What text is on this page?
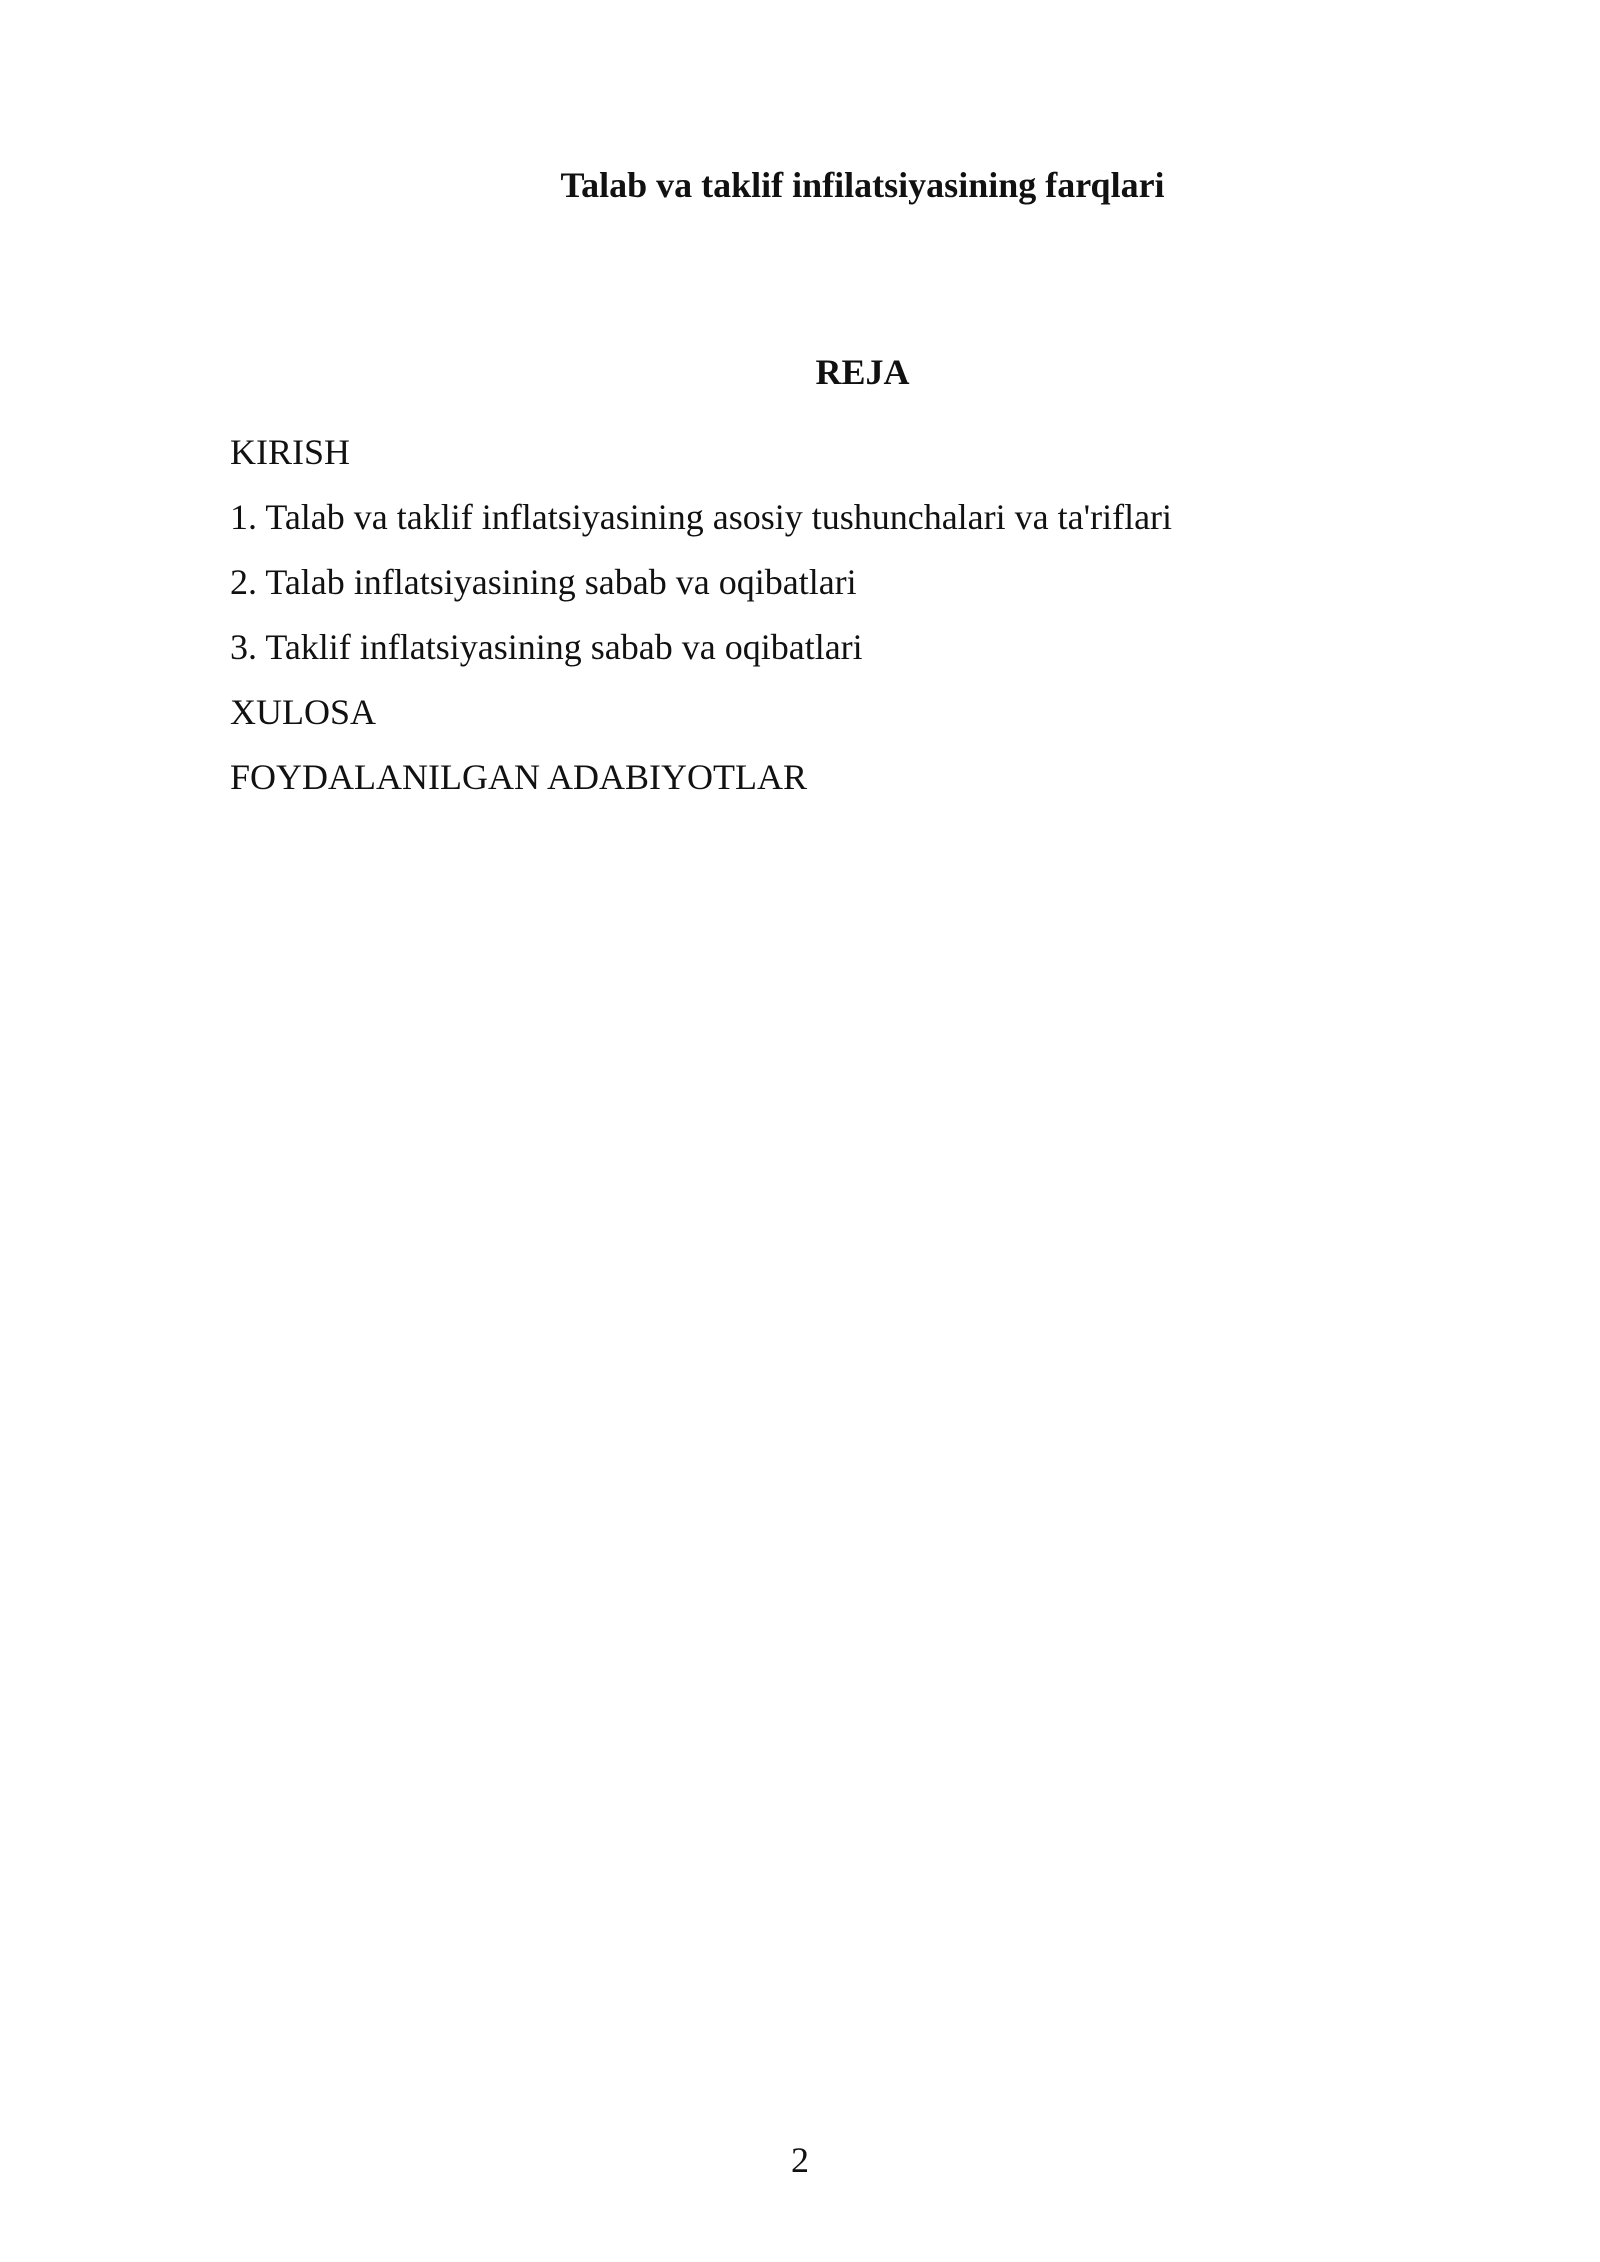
Talab va taklif infilatsiyasining farqlari
REJA
KIRISH
1. Talab va taklif inflatsiyasining asosiy tushunchalari va ta'riflari
2. Talab inflatsiyasining sabab va oqibatlari
3. Taklif inflatsiyasining sabab va oqibatlari
XULOSA
FOYDALANILGAN ADABIYOTLAR
2
